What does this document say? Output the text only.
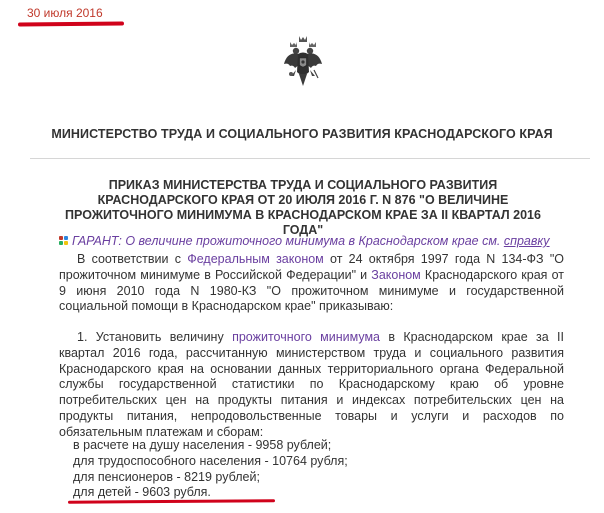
30 июля 2016
МИНИСТЕРСТВО ТРУДА И СОЦИАЛЬНОГО РАЗВИТИЯ КРАСНОДАРСКОГО КРАЯ
ПРИКАЗ МИНИСТЕРСТВА ТРУДА И СОЦИАЛЬНОГО РАЗВИТИЯ КРАСНОДАРСКОГО КРАЯ ОТ 20 ИЮЛЯ 2016 Г. N 876 "О ВЕЛИЧИНЕ ПРОЖИТОЧНОГО МИНИМУМА В КРАСНОДАРСКОМ КРАЕ ЗА II КВАРТАЛ 2016 ГОДА"
ГАРАНТ: О величине прожиточного минимума в Краснодарском крае см. справку
В соответствии с Федеральным законом от 24 октября 1997 года N 134-ФЗ "О прожиточном минимуме в Российской Федерации" и Законом Краснодарского края от 9 июня 2010 года N 1980-КЗ "О прожиточном минимуме и государственной социальной помощи в Краснодарском крае" приказываю:
1. Установить величину прожиточного минимума в Краснодарском крае за II квартал 2016 года, рассчитанную министерством труда и социального развития Краснодарского края на основании данных территориального органа Федеральной службы государственной статистики по Краснодарскому краю об уровне потребительских цен на продукты питания и индексах потребительских цен на продукты питания, непродовольственные товары и услуги и расходов по обязательным платежам и сборам:
в расчете на душу населения - 9958 рублей;
для трудоспособного населения - 10764 рубля;
для пенсионеров - 8219 рублей;
для детей - 9603 рубля.
